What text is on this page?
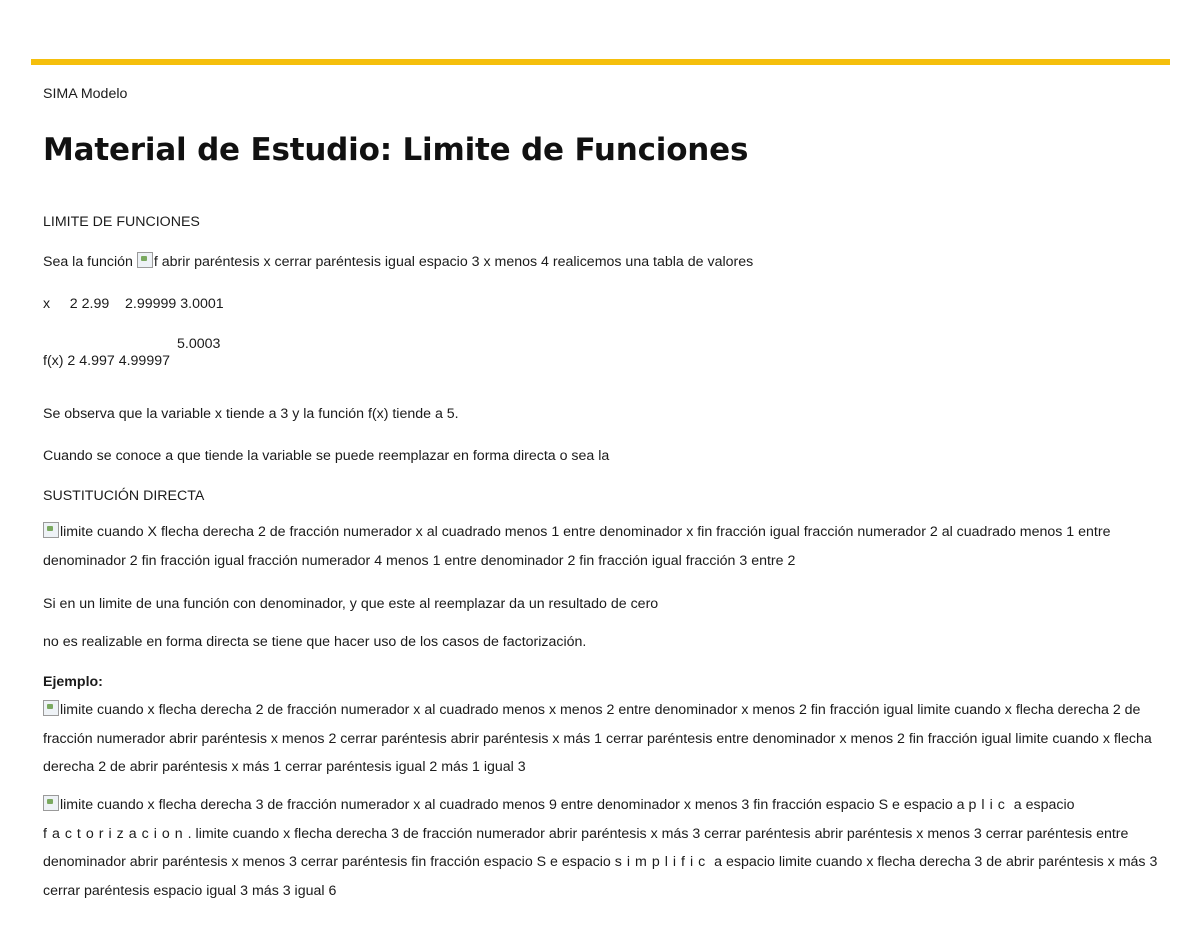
SIMA Modelo
Material de Estudio: Limite de Funciones
LIMITE DE FUNCIONES
Sea la función f abrir paréntesis x cerrar paréntesis igual espacio 3 x menos 4 realicemos una tabla de valores
x     2 2.99    2.99999 3.0001
f(x) 2 4.997 4.99997
5.0003
Se observa que la variable x tiende a 3 y la función f(x) tiende a 5.
Cuando se conoce a que tiende la variable se puede reemplazar en forma directa o sea la
SUSTITUCIÓN DIRECTA
limite cuando X flecha derecha 2 de fracción numerador x al cuadrado menos 1 entre denominador x fin fracción igual fracción numerador 2 al cuadrado menos 1 entre denominador 2 fin fracción igual fracción numerador 4 menos 1 entre denominador 2 fin fracción igual fracción 3 entre 2
Si en un limite de una función con denominador, y que este al reemplazar da un resultado de cero
no es realizable en forma directa se tiene que hacer uso de los casos de factorización.
Ejemplo:
limite cuando x flecha derecha 2 de fracción numerador x al cuadrado menos x menos 2 entre denominador x menos 2 fin fracción igual limite cuando x flecha derecha 2 de fracción numerador abrir paréntesis x menos 2 cerrar paréntesis abrir paréntesis x más 1 cerrar paréntesis entre denominador x menos 2 fin fracción igual limite cuando x flecha derecha 2 de abrir paréntesis x más 1 cerrar paréntesis igual 2 más 1 igual 3
limite cuando x flecha derecha 3 de fracción numerador x al cuadrado menos 9 entre denominador x menos 3 fin fracción espacio S e espacio a plic a espacio factorizacion. limite cuando x flecha derecha 3 de fracción numerador abrir paréntesis x más 3 cerrar paréntesis abrir paréntesis x menos 3 cerrar paréntesis entre denominador abrir paréntesis x menos 3 cerrar paréntesis fin fracción espacio S e espacio simplific a espacio limite cuando x flecha derecha 3 de abrir paréntesis x más 3 cerrar paréntesis espacio igual 3 más 3 igual 6
